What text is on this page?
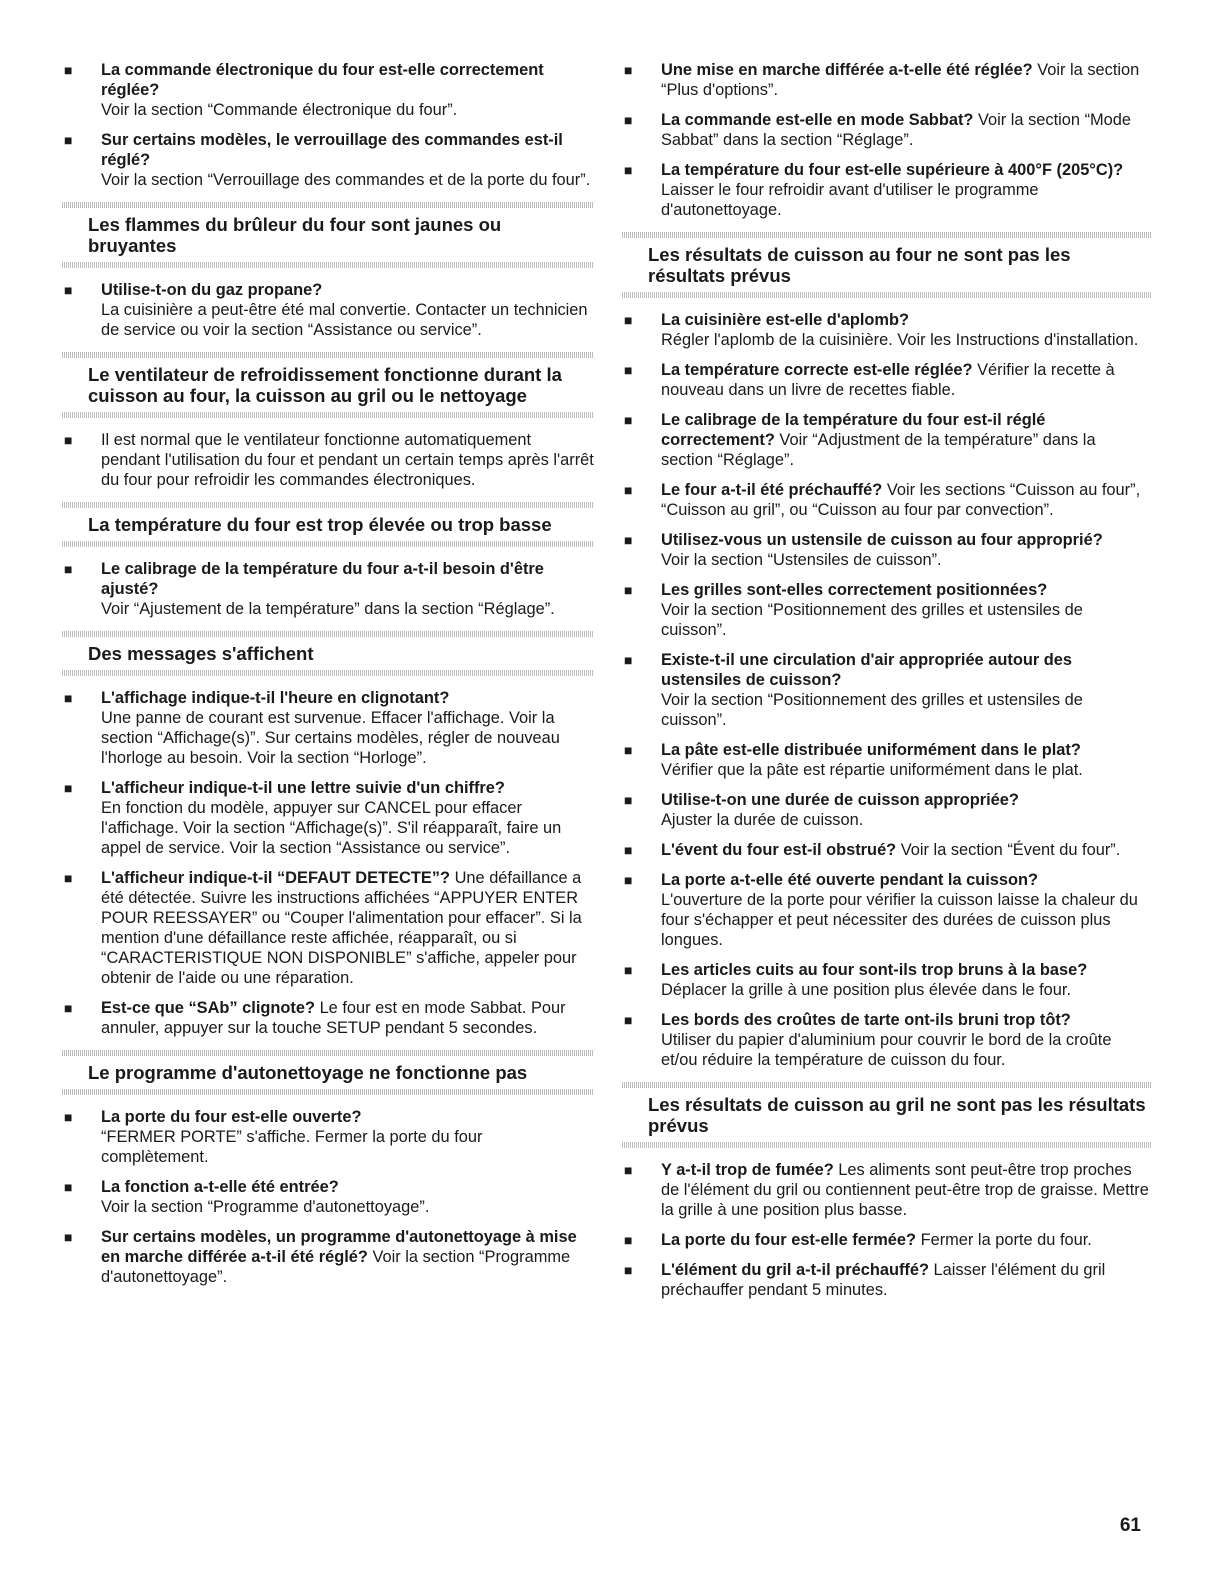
■ La commande électronique du four est-elle correctement réglée?
Voir la section “Commande électronique du four”.
■ Sur certains modèles, le verrouillage des commandes est-il réglé?
Voir la section “Verrouillage des commandes et de la porte du four”.
Les flammes du brûleur du four sont jaunes ou bruyantes
■ Utilise-t-on du gaz propane?
La cuisinière a peut-être été mal convertie. Contacter un technicien de service ou voir la section “Assistance ou service”.
Le ventilateur de refroidissement fonctionne durant la cuisson au four, la cuisson au gril ou le nettoyage
■ Il est normal que le ventilateur fonctionne automatiquement pendant l'utilisation du four et pendant un certain temps après l'arrêt du four pour refroidir les commandes électroniques.
La température du four est trop élevée ou trop basse
■ Le calibrage de la température du four a-t-il besoin d'être ajusté?
Voir “Ajustement de la température” dans la section “Réglage”.
Des messages s'affichent
■ L'affichage indique-t-il l'heure en clignotant?
Une panne de courant est survenue. Effacer l'affichage. Voir la section “Affichage(s)”. Sur certains modèles, régler de nouveau l'horloge au besoin. Voir la section “Horloge”.
■ L'afficheur indique-t-il une lettre suivie d'un chiffre?
En fonction du modèle, appuyer sur CANCEL pour effacer l'affichage. Voir la section “Affichage(s)”. S'il réapparaît, faire un appel de service. Voir la section “Assistance ou service”.
■ L'afficheur indique-t-il “DEFAUT DETECTE”? Une défaillance a été détectée. Suivre les instructions affichées “APPUYER ENTER POUR REESSAYER” ou “Couper l'alimentation pour effacer”. Si la mention d'une défaillance reste affichée, réapparaît, ou si “CARACTERISTIQUE NON DISPONIBLE” s'affiche, appeler pour obtenir de l'aide ou une réparation.
■ Est-ce que “SAb” clignote? Le four est en mode Sabbat. Pour annuler, appuyer sur la touche SETUP pendant 5 secondes.
Le programme d'autonettoyage ne fonctionne pas
■ La porte du four est-elle ouverte?
“FERMER PORTE” s'affiche. Fermer la porte du four complètement.
■ La fonction a-t-elle été entrée?
Voir la section “Programme d'autonettoyage”.
■ Sur certains modèles, un programme d'autonettoyage à mise en marche différée a-t-il été réglé? Voir la section “Programme d'autonettoyage”.
■ Une mise en marche différée a-t-elle été réglée? Voir la section “Plus d'options”.
■ La commande est-elle en mode Sabbat? Voir la section “Mode Sabbat” dans la section “Réglage”.
■ La température du four est-elle supérieure à 400°F (205°C)?
Laisser le four refroidir avant d'utiliser le programme d'autonettoyage.
Les résultats de cuisson au four ne sont pas les résultats prévus
■ La cuisinière est-elle d'aplomb?
Régler l'aplomb de la cuisinière. Voir les Instructions d'installation.
■ La température correcte est-elle réglée? Vérifier la recette à nouveau dans un livre de recettes fiable.
■ Le calibrage de la température du four est-il réglé correctement? Voir “Adjustment de la température” dans la section “Réglage”.
■ Le four a-t-il été préchauffé? Voir les sections “Cuisson au four”, “Cuisson au gril”, ou “Cuisson au four par convection”.
■ Utilisez-vous un ustensile de cuisson au four approprié?
Voir la section “Ustensiles de cuisson”.
■ Les grilles sont-elles correctement positionnées?
Voir la section “Positionnement des grilles et ustensiles de cuisson”.
■ Existe-t-il une circulation d'air appropriée autour des ustensiles de cuisson?
Voir la section “Positionnement des grilles et ustensiles de cuisson”.
■ La pâte est-elle distribuée uniformément dans le plat?
Vérifier que la pâte est répartie uniformément dans le plat.
■ Utilise-t-on une durée de cuisson appropriée?
Ajuster la durée de cuisson.
■ L'évent du four est-il obstrué? Voir la section “Évent du four”.
■ La porte a-t-elle été ouverte pendant la cuisson?
L'ouverture de la porte pour vérifier la cuisson laisse la chaleur du four s'échapper et peut nécessiter des durées de cuisson plus longues.
■ Les articles cuits au four sont-ils trop bruns à la base?
Déplacer la grille à une position plus élevée dans le four.
■ Les bords des croûtes de tarte ont-ils bruni trop tôt?
Utiliser du papier d'aluminium pour couvrir le bord de la croûte et/ou réduire la température de cuisson du four.
Les résultats de cuisson au gril ne sont pas les résultats prévus
■ Y a-t-il trop de fumée? Les aliments sont peut-être trop proches de l'élément du gril ou contiennent peut-être trop de graisse. Mettre la grille à une position plus basse.
■ La porte du four est-elle fermée? Fermer la porte du four.
■ L'élément du gril a-t-il préchauffé? Laisser l'élément du gril préchauffer pendant 5 minutes.
61
